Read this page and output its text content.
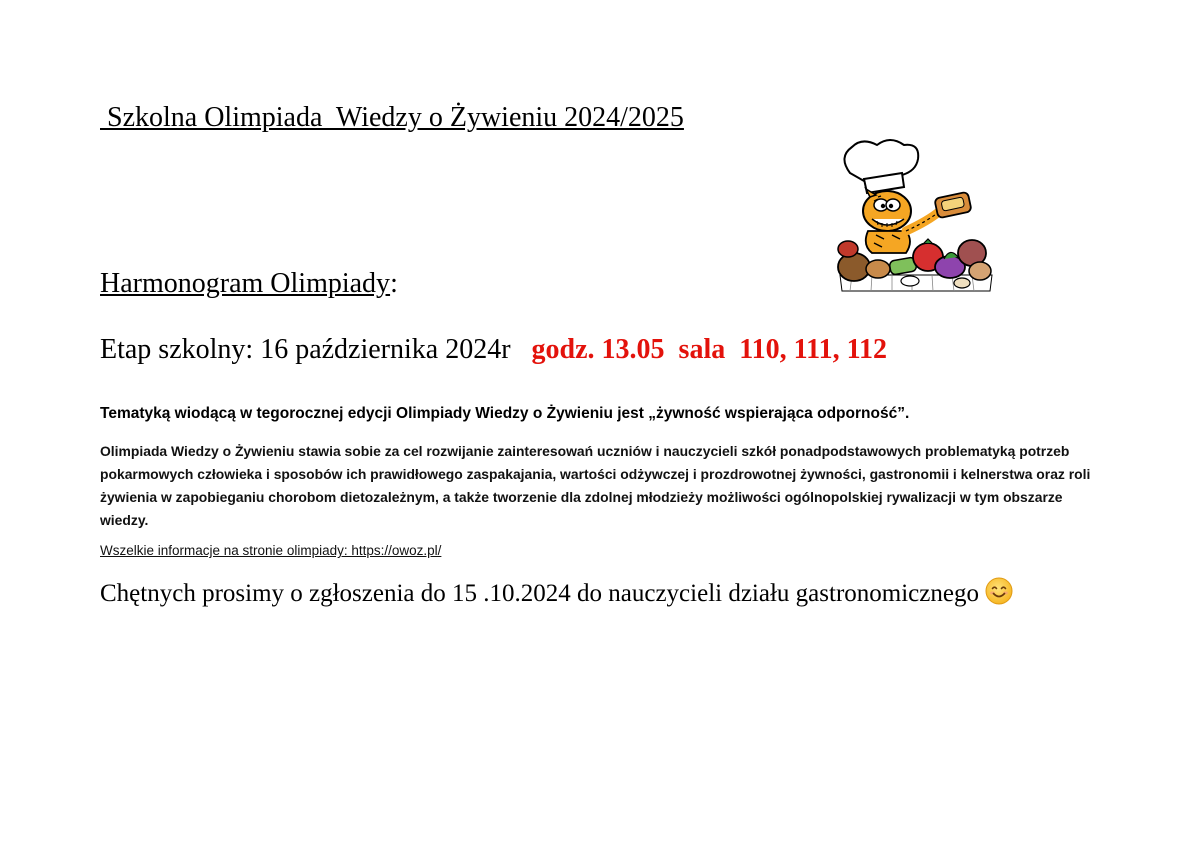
Szkolna Olimpiada  Wiedzy o Żywieniu 2024/2025
Harmonogram Olimpiady:
Etap szkolny: 16 października 2024r godz. 13.05  sala  110, 111, 112
Tematyką wiodącą w tegorocznej edycji Olimpiady Wiedzy o Żywieniu jest „żywność wspierająca odporność”.

Olimpiada Wiedzy o Żywieniu stawia sobie za cel rozwijanie zainteresowań uczniów i nauczycieli szkół ponadpodstawowych problematyką potrzeb pokarmowych człowieka i sposobów ich prawidłowego zaspakajania, wartości odżywczej i prozdrowotnej żywności, gastronomii i kelnerstwa oraz roli żywienia w zapobieganiu chorobom dietozależnym, a także tworzenie dla zdolnej młodzieży możliwości ogólnopolskiej rywalizacji w tym obszarze wiedzy.

Wszelkie informacje na stronie olimpiady: https://owoz.pl/
Chętnych prosimy o zgłoszenia do 15 .10.2024 do nauczycieli działu gastronomicznego
